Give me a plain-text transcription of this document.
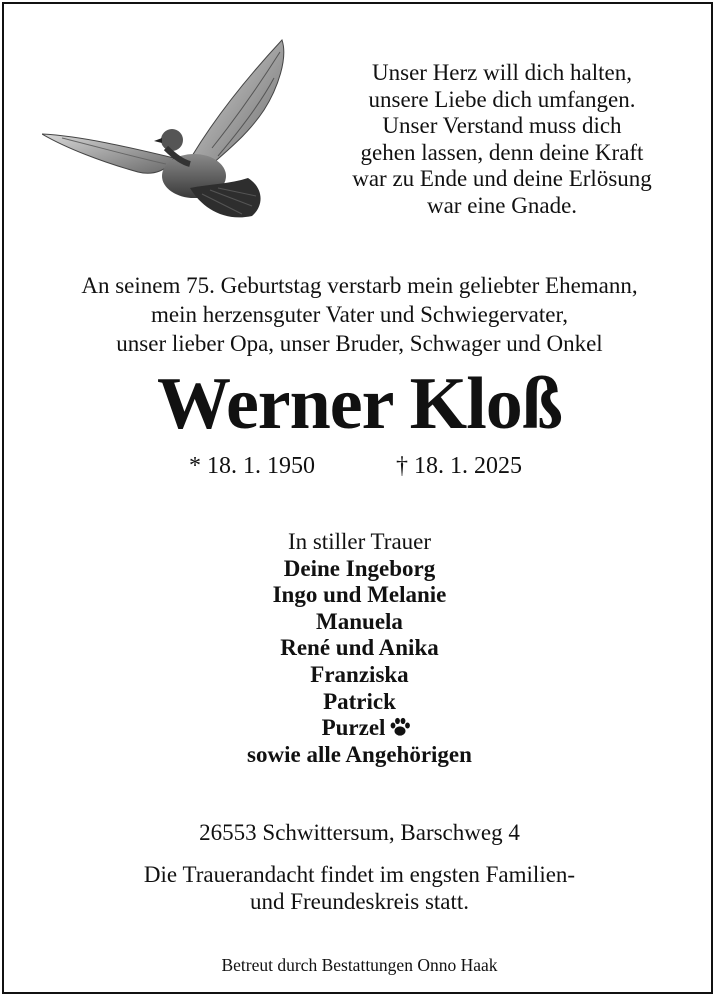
Unser Herz will dich halten,
unsere Liebe dich umfangen.
Unser Verstand muss dich
gehen lassen, denn deine Kraft
war zu Ende und deine Erlösung
war eine Gnade.
An seinem 75. Geburtstag verstarb mein geliebter Ehemann,
mein herzensguter Vater und Schwiegervater,
unser lieber Opa, unser Bruder, Schwager und Onkel
Werner Kloß
* 18. 1. 1950	† 18. 1. 2025
In stiller Trauer
Deine Ingeborg
Ingo und Melanie
Manuela
René und Anika
Franziska
Patrick
Purzel
sowie alle Angehörigen
26553 Schwittersum, Barschweg 4
Die Trauerandacht findet im engsten Familien-
und Freundeskreis statt.
Betreut durch Bestattungen Onno Haak
